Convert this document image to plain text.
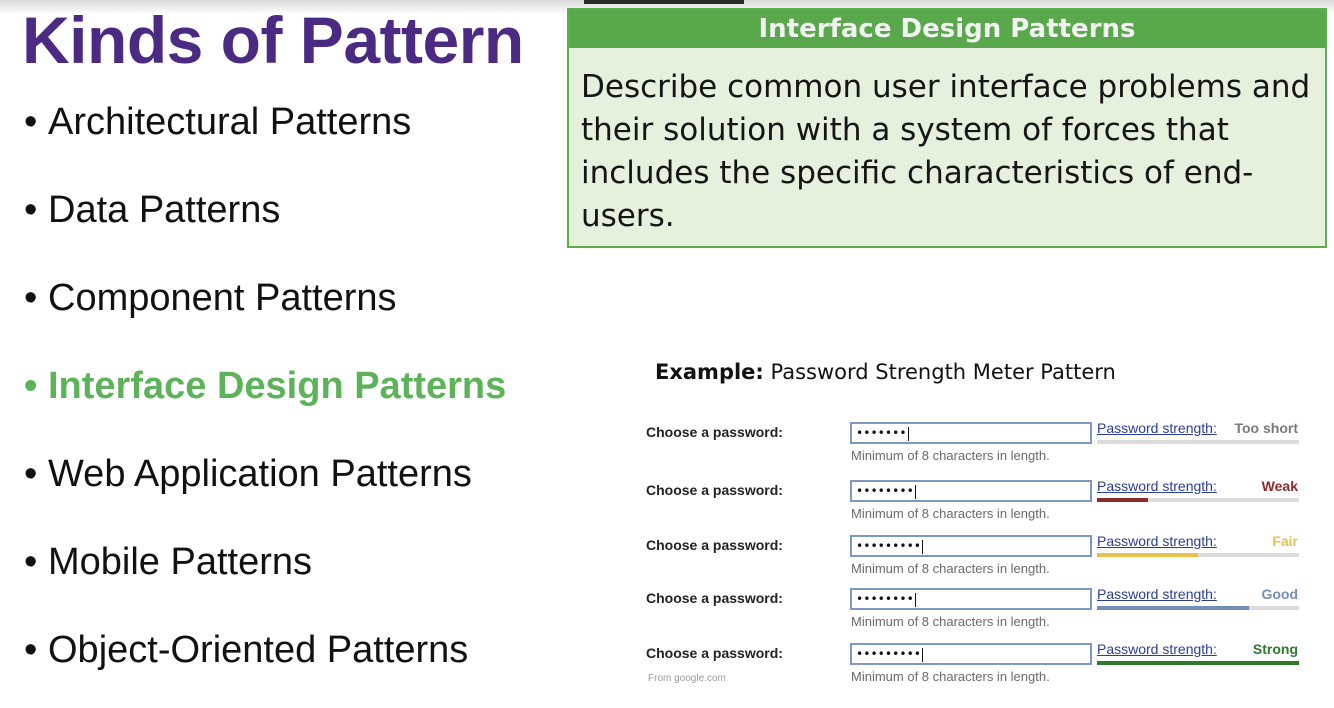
Kinds of Pattern
• Architectural Patterns
• Data Patterns
• Component Patterns
• Interface Design Patterns
• Web Application Patterns
• Mobile Patterns
• Object-Oriented Patterns
Interface Design Patterns
Describe common user interface problems and their solution with a system of forces that includes the specific characteristics of end-users.
Example: Password Strength Meter Pattern
Choose a password:	•••••••
Minimum of 8 characters in length.
Password strength: Too short
Choose a password:	••••••••
Minimum of 8 characters in length.
Password strength:	Weak
Choose a password:	•••••••••
Minimum of 8 characters in length.
Password strength:	Fair
Choose a password:	••••••••
Minimum of 8 characters in length.
Password strength:	Good
Choose a password:	•••••••••
Minimum of 8 characters in length.
Password strength:	Strong
From google.com
